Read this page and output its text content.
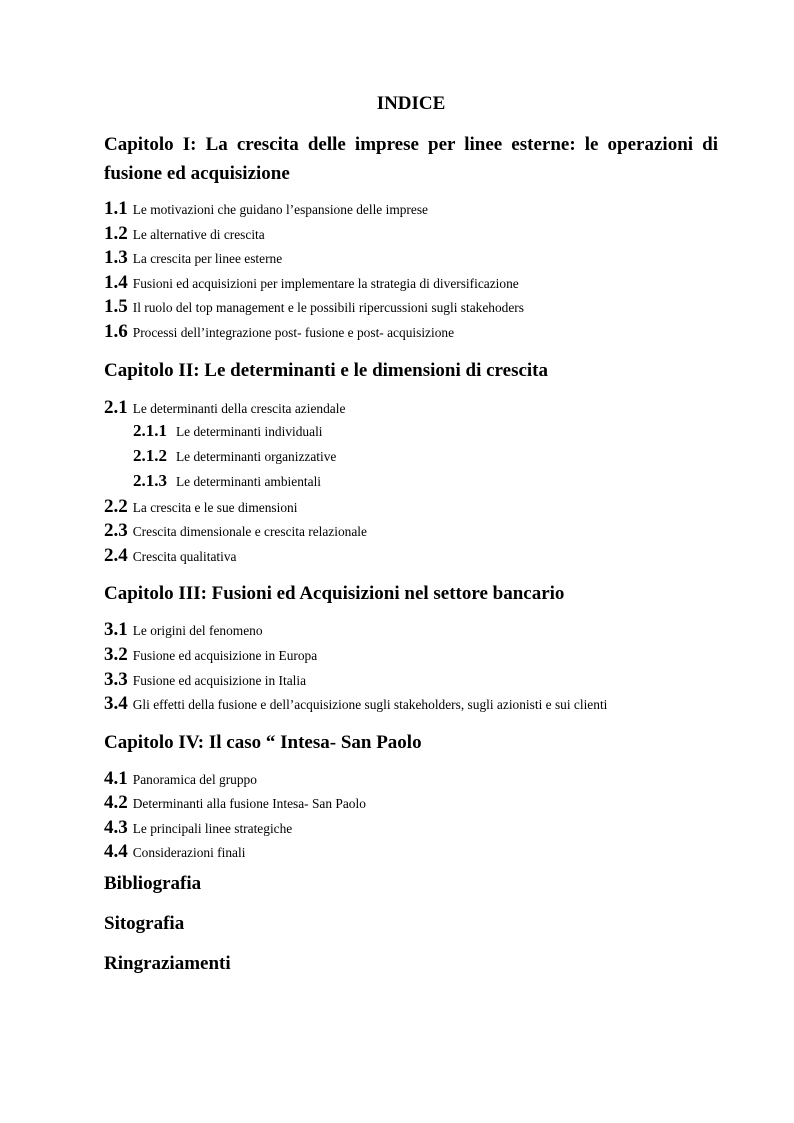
INDICE
Capitolo I: La crescita delle imprese per linee esterne: le operazioni di fusione ed acquisizione
1.1 Le motivazioni che guidano l’espansione delle imprese
1.2 Le alternative di crescita
1.3 La crescita per linee esterne
1.4 Fusioni ed acquisizioni per implementare la strategia di diversificazione
1.5 Il ruolo del top management e le possibili ripercussioni sugli stakehoders
1.6 Processi dell’integrazione post- fusione e post- acquisizione
Capitolo II: Le determinanti e le dimensioni di crescita
2.1 Le determinanti della crescita aziendale
2.1.1 Le determinanti individuali
2.1.2 Le determinanti organizzative
2.1.3 Le determinanti ambientali
2.2 La crescita e le sue dimensioni
2.3 Crescita dimensionale e crescita relazionale
2.4 Crescita qualitativa
Capitolo III: Fusioni ed Acquisizioni nel settore bancario
3.1 Le origini del fenomeno
3.2 Fusione ed acquisizione in Europa
3.3 Fusione ed acquisizione in Italia
3.4 Gli effetti della fusione e dell’acquisizione sugli stakeholders, sugli azionisti e sui clienti
Capitolo IV: Il caso “ Intesa- San Paolo
4.1 Panoramica del gruppo
4.2 Determinanti alla fusione Intesa- San Paolo
4.3 Le principali linee strategiche
4.4 Considerazioni finali
Bibliografia
Sitografia
Ringraziamenti
